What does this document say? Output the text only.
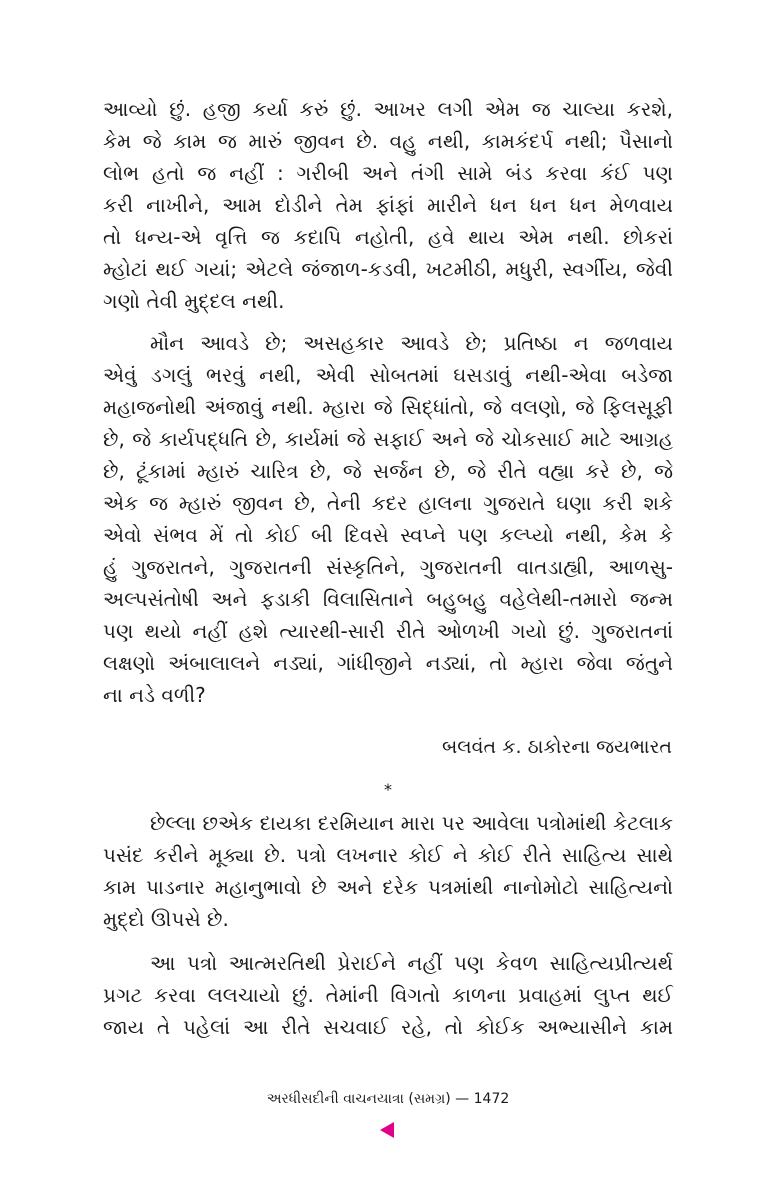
આવ્યો છું. હજી કર્યા કરું છું. આખર લગી એમ જ ચાલ્યા કરશે,
કેમ જે કામ જ મારું જીવન છે. વહુ નથી, કામકંદર્પ નથી; પૈસાનો
લોભ હતો જ નહીં : ગરીબી અને તંગી સામે બંડ કરવા કંઈ પણ
કરી નાખીને, આમ દોડીને તેમ ફાંફાં મારીને ધન ધન ધન મેળવાય
તો ધન્ય-એ વૃત્તિ જ કદાપિ નહોતી, હવે થાય એમ નથી. છોકરાં
મ્હોટાં થઈ ગયાં; એટલે જંજાળ-કડવી, ખટમીઠી, મધુરી, સ્વર્ગીય, જેવી
ગણો તેવી મુદ્દલ નથી.
મૌન આવડે છે; અસહકાર આવડે છે; પ્રતિષ્ઠા ન જળવાય
એવું ડગલું ભરવું નથી, એવી સોબતમાં ઘસડાવું નથી-એવા બડેજા
મહાજનોથી અંજાવું નથી. મ્હારા જે સિદ્ધાંતો, જે વલણો, જે ફિલસૂફી
છે, જે કાર્યપદ્ધતિ છે, કાર્યમાં જે સફાઈ અને જે ચોકસાઈ માટે આગ્રહ
છે, ટૂંકામાં મ્હારું ચારિત્ર છે, જે સર્જન છે, જે રીતે વહ્યા કરે છે, જે
એક જ મ્હારું જીવન છે, તેની કદર હાલના ગુજરાતે ઘણા કરી શકે
એવો સંભવ મેં તો કોઈ બી દિવસે સ્વપ્ને પણ કલ્પ્યો નથી, કેમ કે
હું ગુજરાતને, ગુજરાતની સંસ્કૃતિને, ગુજરાતની વાતડાહ્યી, આળસુ-
અલ્પસંતોષી અને ફડાકી વિલાસિતાને બહુબહુ વહેલેથી-તમારો જન્મ
પણ થયો નહીં હશે ત્યારથી-સારી રીતે ઓળખી ગયો છું. ગુજરાતનાં
લક્ષણો અંબાલાલને નડ્યાં, ગાંધીજીને નડ્યાં, તો મ્હારા જેવા જંતુને
ના નડે વળી?
બલવંત ક. ઠાકોરના જયભારત
*
છેલ્લા છએક દાયકા દરમિયાન મારા પર આવેલા પત્રોમાંથી કેટલાક
પસંદ કરીને મૂક્યા છે. પત્રો લખનાર કોઈ ને કોઈ રીતે સાહિત્ય સાથે
કામ પાડનાર મહાનુભાવો છે અને દરેક પત્રમાંથી નાનોમોટો સાહિત્યનો
મુદ્દો ઊપસે છે.
આ પત્રો આત્મરતિથી પ્રેરાઈને નહીં પણ કેવળ સાહિત્યપ્રીત્યર્થ
પ્રગટ કરવા લલચાયો છું. તેમાંની વિગતો કાળના પ્રવાહમાં લુપ્ત થઈ
જાય તે પહેલાં આ રીતે સચવાઈ રહે, તો કોઈક અભ્યાસીને કામ
અરધીસદીની વાચનયાત્રા (સમગ્ર) — 1472
